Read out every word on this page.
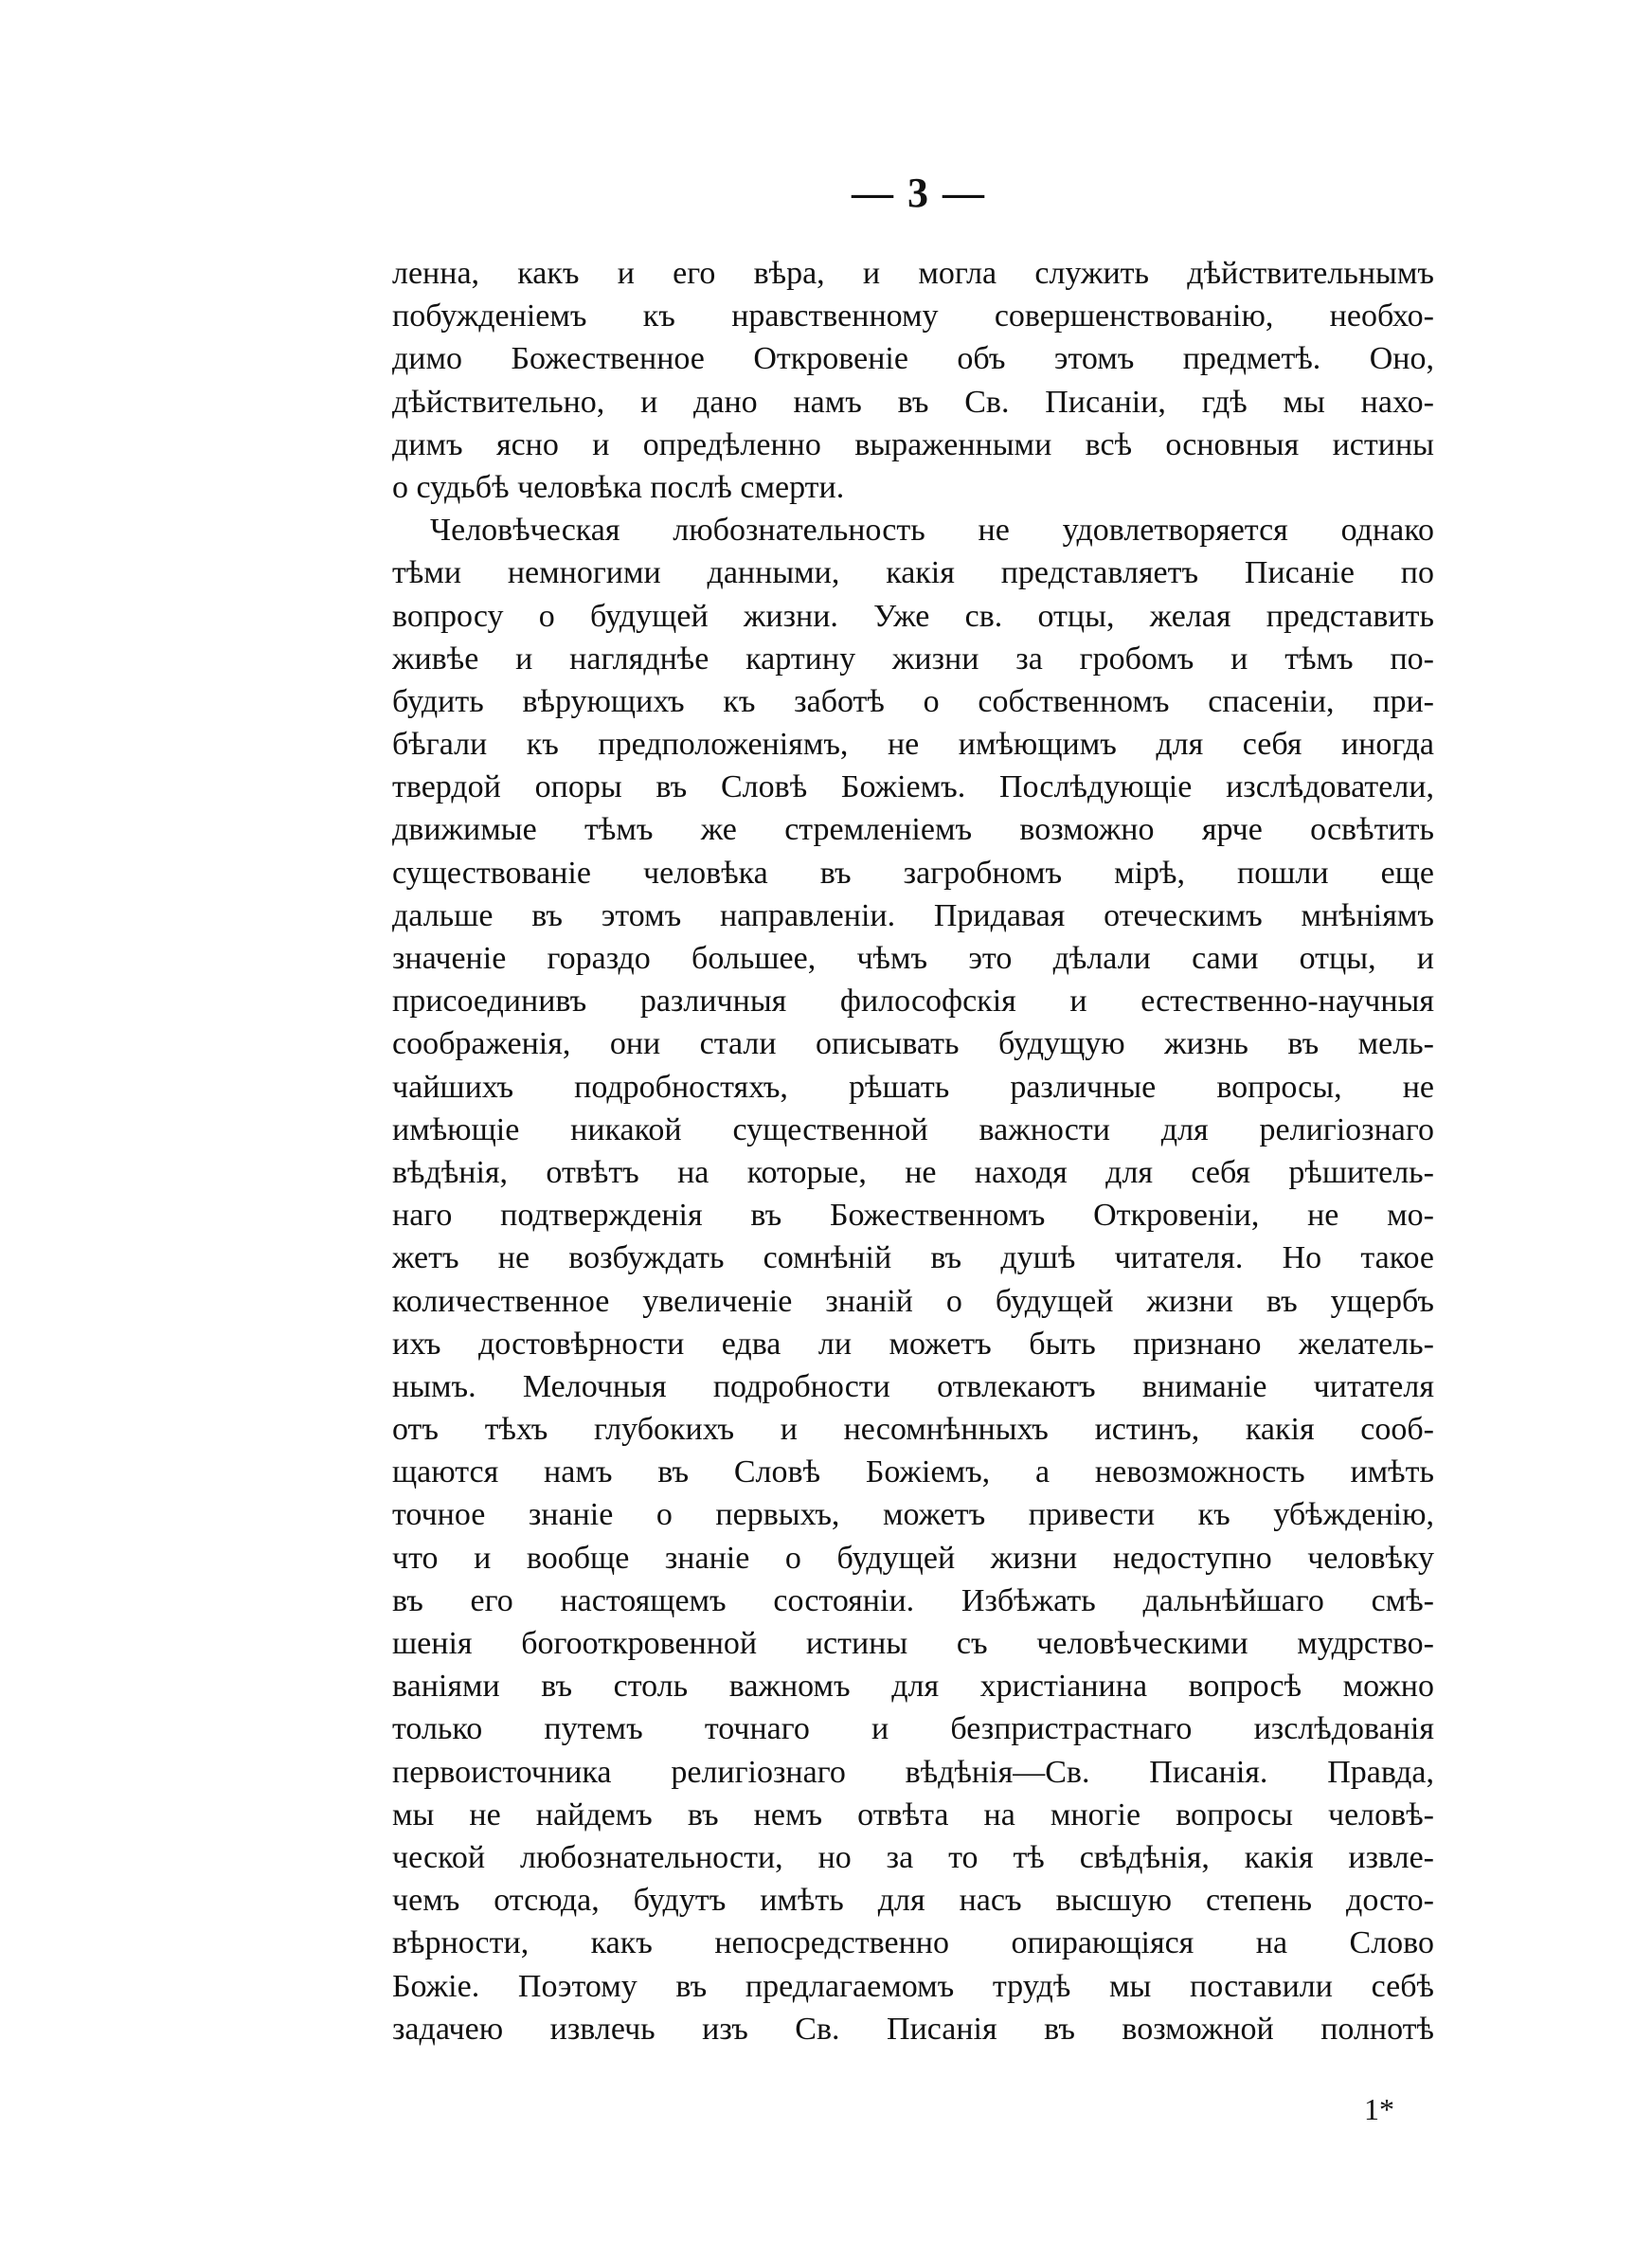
— 3 —
ленна, какъ и его вѣра, и могла служить дѣйствительнымъ
побужденіемъ къ нравственному совершенствованію, необхо-
димо Божественное Откровеніе объ этомъ предметѣ. Оно,
дѣйствительно, и дано намъ въ Св. Писаніи, гдѣ мы нахо-
димъ ясно и опредѣленно выраженными всѣ основныя истины
о судьбѣ человѣка послѣ смерти.
Человѣческая любознательность не удовлетворяется однако
тѣми немногими данными, какія представляетъ Писаніе по
вопросу о будущей жизни. Уже св. отцы, желая представить
живѣе и нагляднѣе картину жизни за гробомъ и тѣмъ по-
будить вѣрующихъ къ заботѣ о собственномъ спасеніи, при-
бѣгали къ предположеніямъ, не имѣющимъ для себя иногда
твердой опоры въ Словѣ Божіемъ. Послѣдующіе изслѣдователи,
движимые тѣмъ же стремленіемъ возможно ярче освѣтить
существованіе человѣка въ загробномъ мірѣ, пошли еще
дальше въ этомъ направленіи. Придавая отеческимъ мнѣніямъ
значеніе гораздо большее, чѣмъ это дѣлали сами отцы, и
присоединивъ различныя философскія и естественно-научныя
соображенія, они стали описывать будущую жизнь въ мель-
чайшихъ подробностяхъ, рѣшать различные вопросы, не
имѣющіе никакой существенной важности для религіознаго
вѣдѣнія, отвѣтъ на которые, не находя для себя рѣшитель-
наго подтвержденія въ Божественномъ Откровеніи, не мо-
жетъ не возбуждать сомнѣній въ душѣ читателя. Но такое
количественное увеличеніе знаній о будущей жизни въ ущербъ
ихъ достовѣрности едва ли можетъ быть признано желатель-
нымъ. Мелочныя подробности отвлекаютъ вниманіе читателя
отъ тѣхъ глубокихъ и несомнѣнныхъ истинъ, какія сооб-
щаются намъ въ Словѣ Божіемъ, а невозможность имѣть
точное знаніе о первыхъ, можетъ привести къ убѣжденію,
что и вообще знаніе о будущей жизни недоступно человѣку
въ его настоящемъ состояніи. Избѣжать дальнѣйшаго смѣ-
шенія богооткровенной истины съ человѣческими мудрство-
ваніями въ столь важномъ для христіанина вопросѣ можно
только путемъ точнаго и безпристрастнаго изслѣдованія
первоисточника религіознаго вѣдѣнія—Св. Писанія. Правда,
мы не найдемъ въ немъ отвѣта на многіе вопросы человѣ-
ческой любознательности, но за то тѣ свѣдѣнія, какія извле-
чемъ отсюда, будутъ имѣть для насъ высшую степень досто-
вѣрности, какъ непосредственно опирающіяся на Слово
Божіе. Поэтому въ предлагаемомъ трудѣ мы поставили себѣ
задачею извлечь изъ Св. Писанія въ возможной полнотѣ
1*
